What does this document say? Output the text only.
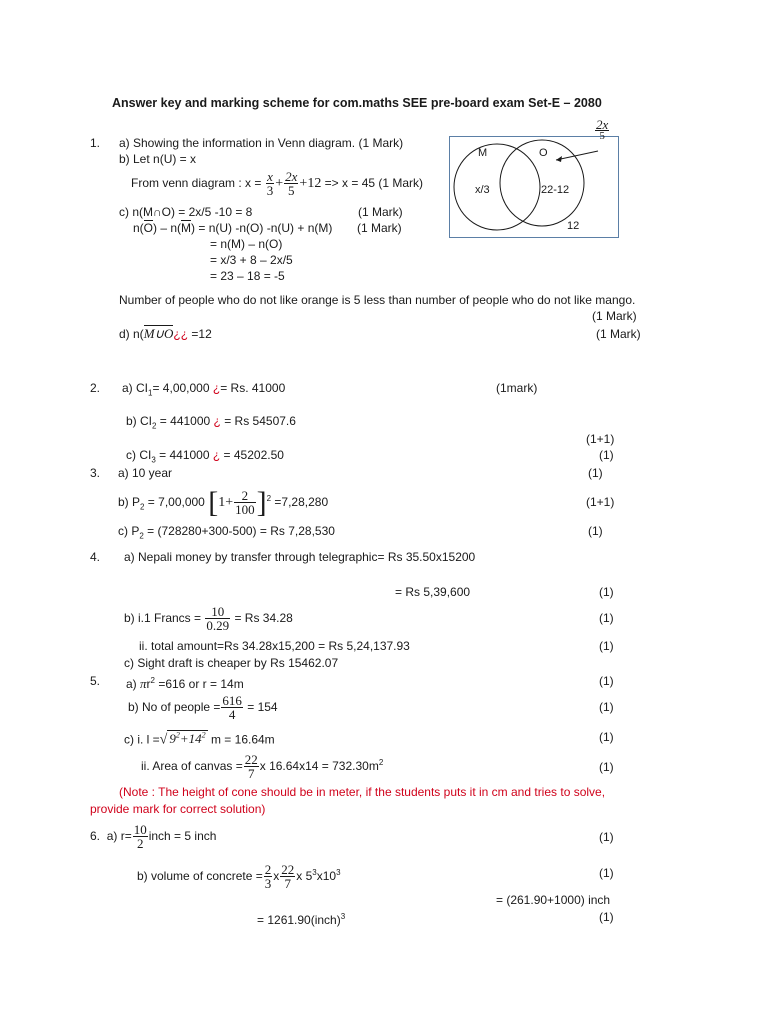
Answer key and marking scheme for com.maths SEE pre-board exam Set-E – 2080
1. a) Showing the information in Venn diagram. (1 Mark)
b) Let n(U) = x
From venn diagram : $x = \frac{x}{3} + \frac{2x}{5} +12 => x = 45$ (1 Mark)
c) n(M∩O) = 2x/5 -10 = 8	(1 Mark)
n(O) – n(M) = n(U) -n(O) -n(U) + n(M) (1 Mark)
= n(M) – n(O)
= x/3 + 8 – 2x/5
= 23 – 18 = -5
Number of people who do not like orange is 5 less than number of people who do not like mango.
(1 Mark)
d) n(M∪O¿¿ =12	(1 Mark)
$\frac{2x}{5}$
M	O
x/3	22-12
12
2. a) $CI_1= 4,00,000$ ¿= Rs. 41000	(1mark)
b) $CI_2 = 441000$ ¿ = Rs 54507.6
(1+1)
c) $CI_3 = 441000$ ¿ = 45202.50	(1)
3. a) 10 year	(1)
b) $P_2 = 7,00,000$ $[1+ \frac{2}{100} ]^2 =7,28,280$	(1+1)
c) $P_2 = (728280+300-500) = Rs$ 7,28,530	(1)
4. a) Nepali money by transfer through telegraphic= Rs 35.50x15200
= Rs 5,39,600	(1)
b) i.1 Francs = $\frac{10}{0.29} = Rs$ 34.28	(1)
ii. total amount=Rs 34.28x15,200 = Rs 5,24,137.93	(1)
c) Sight draft is cheaper by Rs 15462.07
5. a) $\pi r^2 =616$ or r = 14m	(1)
b) No of people = $\frac{616}{4} = 154$	(1)
c) i. l =√ $9^2+14^2$ m = 16.64m	(1)
ii. Area of canvas = $\frac{22}{7}$ x $16.64x14 = 732.30m^2$	(1)
(Note : The height of cone should be in meter, if the students puts it in cm and tries to solve,
provide mark for correct solution)
6. a) $r= \frac{10}{2}$ inch = 5 inch	(1)
b) volume of concrete = $\frac{2}{3}$ x $\frac{22}{7}$ x $5^3x10^3$	(1)
= (261.90+1000) inch
= 1261.90(inch)$^3$	(1)
